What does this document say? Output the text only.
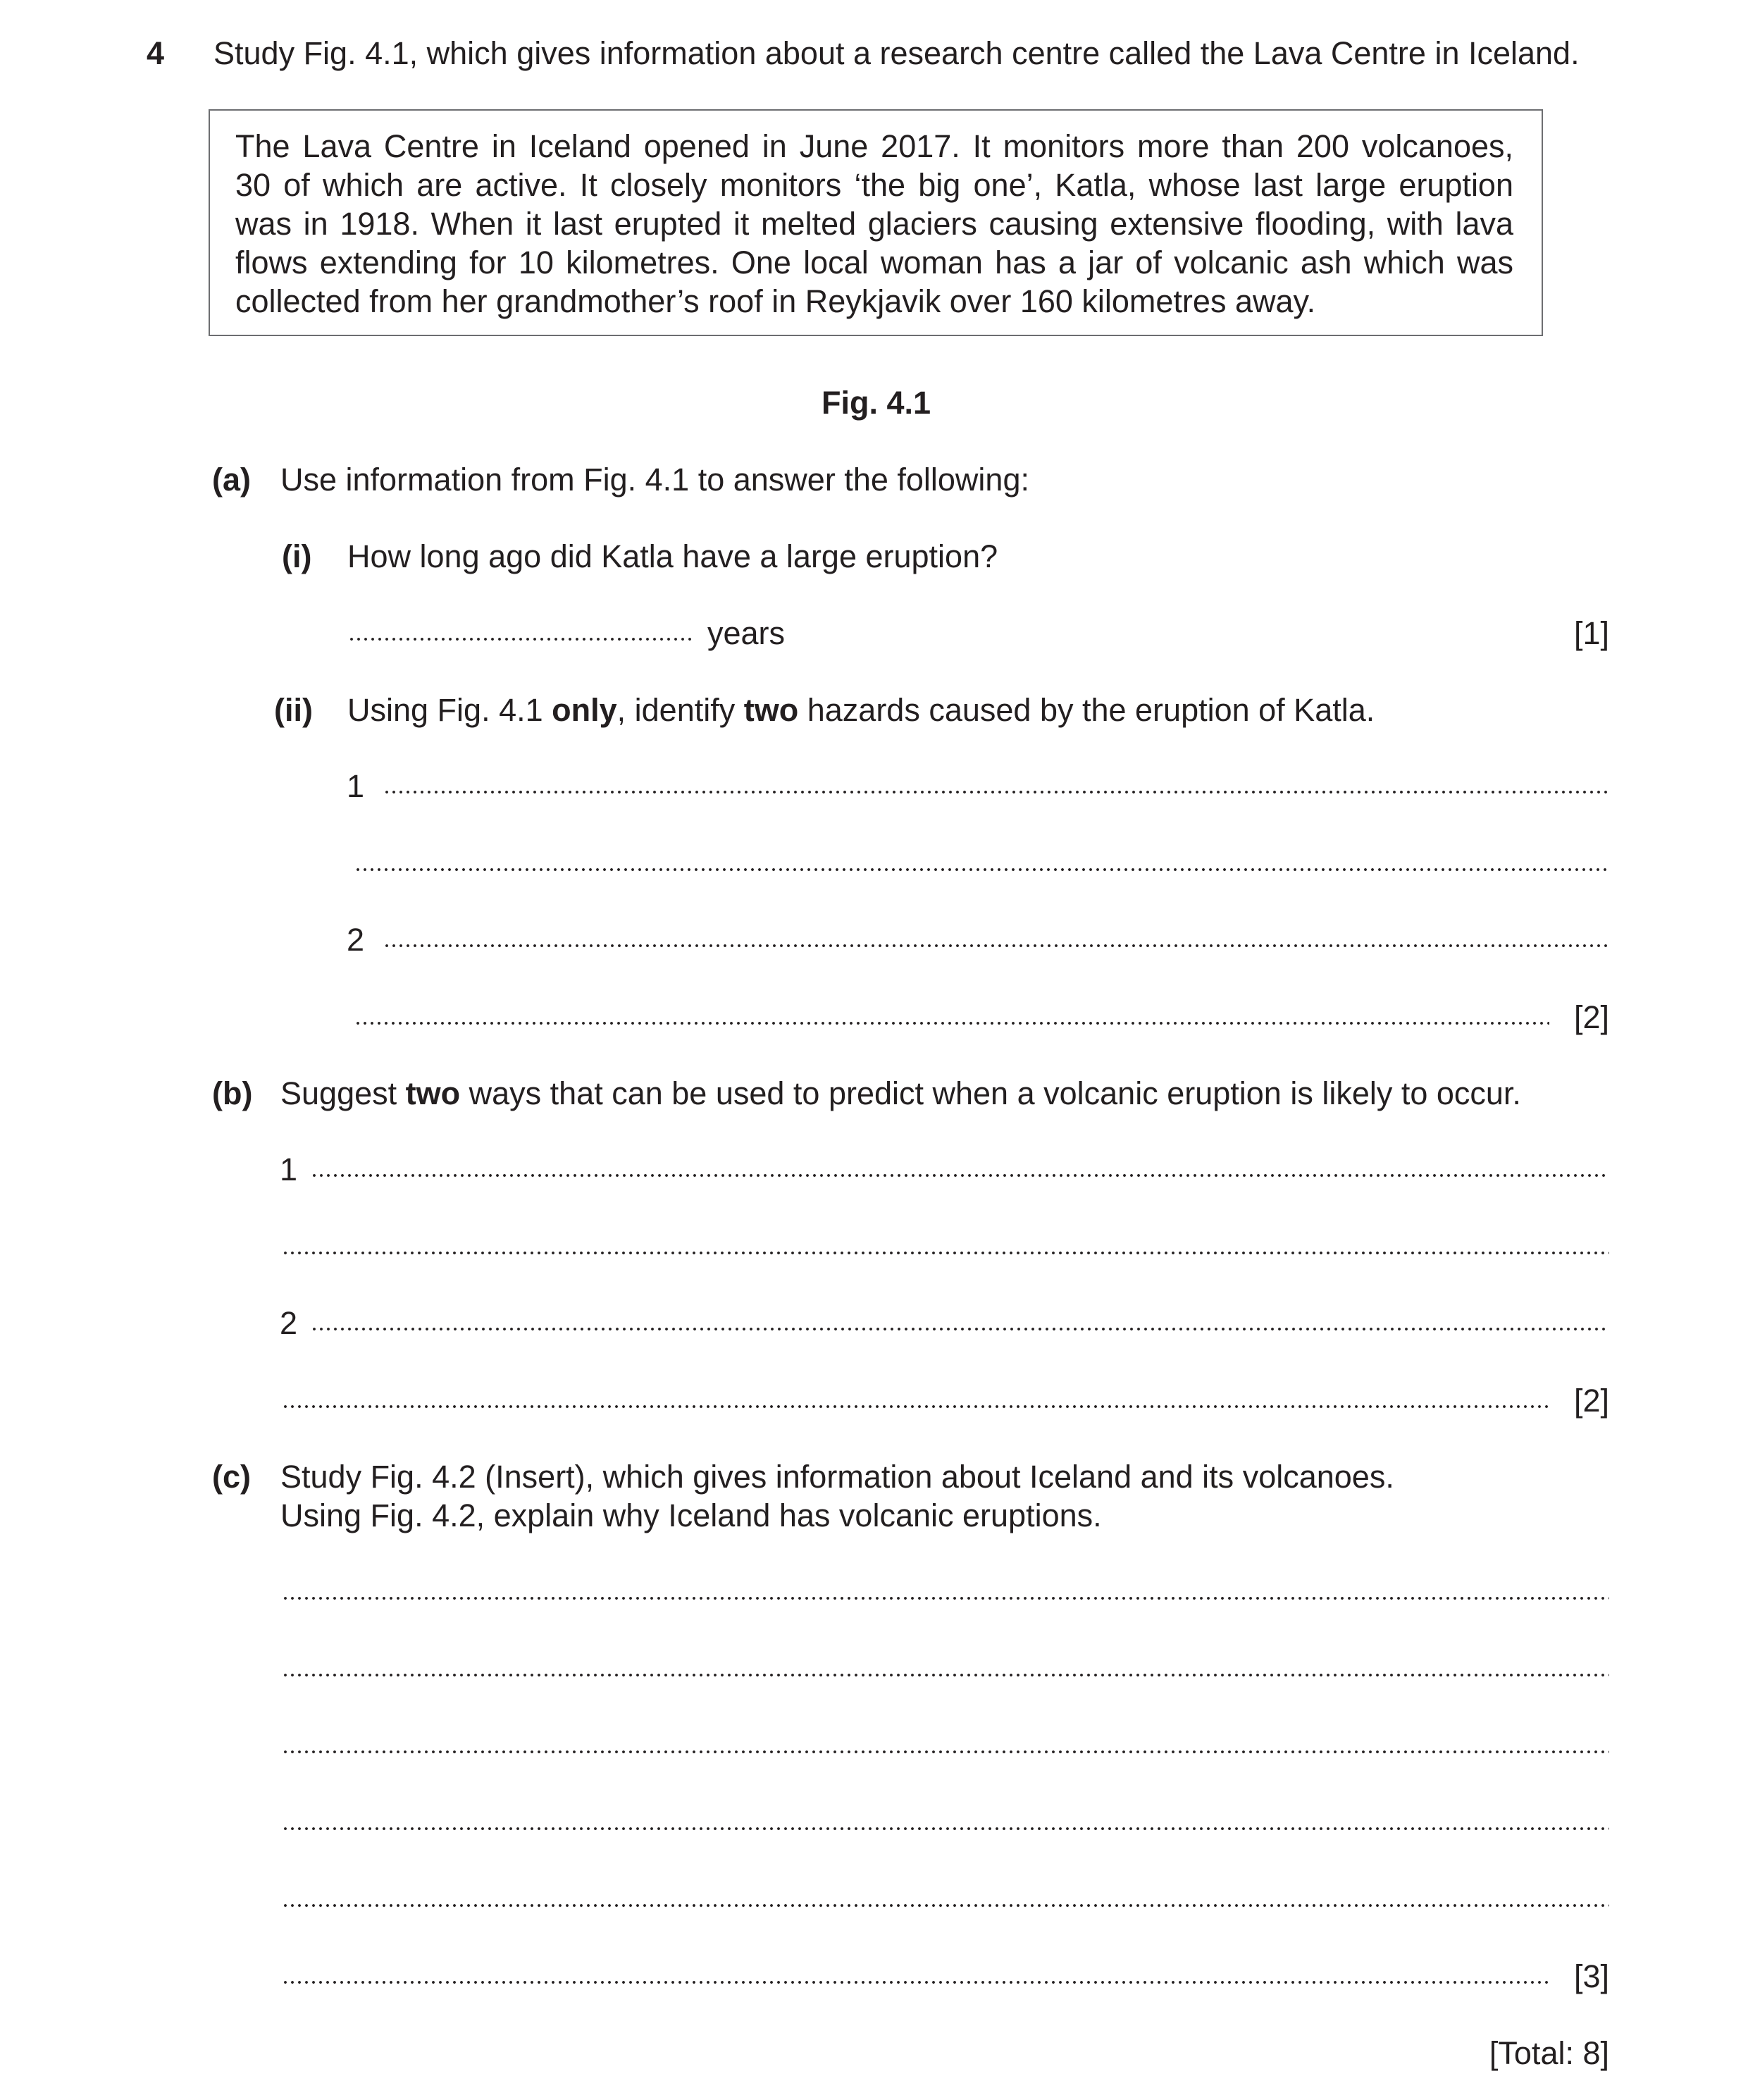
4 Study Fig. 4.1, which gives information about a research centre called the Lava Centre in Iceland.
The Lava Centre in Iceland opened in June 2017. It monitors more than 200 volcanoes,
30 of which are active. It closely monitors ‘the big one’, Katla, whose last large eruption
was in 1918. When it last erupted it melted glaciers causing extensive flooding, with lava
flows extending for 10 kilometres. One local woman has a jar of volcanic ash which was
collected from her grandmother’s roof in Reykjavik over 160 kilometres away.
Fig. 4.1
(a) Use information from Fig. 4.1 to answer the following:
(i) How long ago did Katla have a large eruption?
years	[1]
(ii) Using Fig. 4.1 only, identify two hazards caused by the eruption of Katla.
1
2
[2]
(b) Suggest two ways that can be used to predict when a volcanic eruption is likely to occur.
1
2
[2]
(c) Study Fig. 4.2 (Insert), which gives information about Iceland and its volcanoes.
Using Fig. 4.2, explain why Iceland has volcanic eruptions.
[3]
[Total: 8]
